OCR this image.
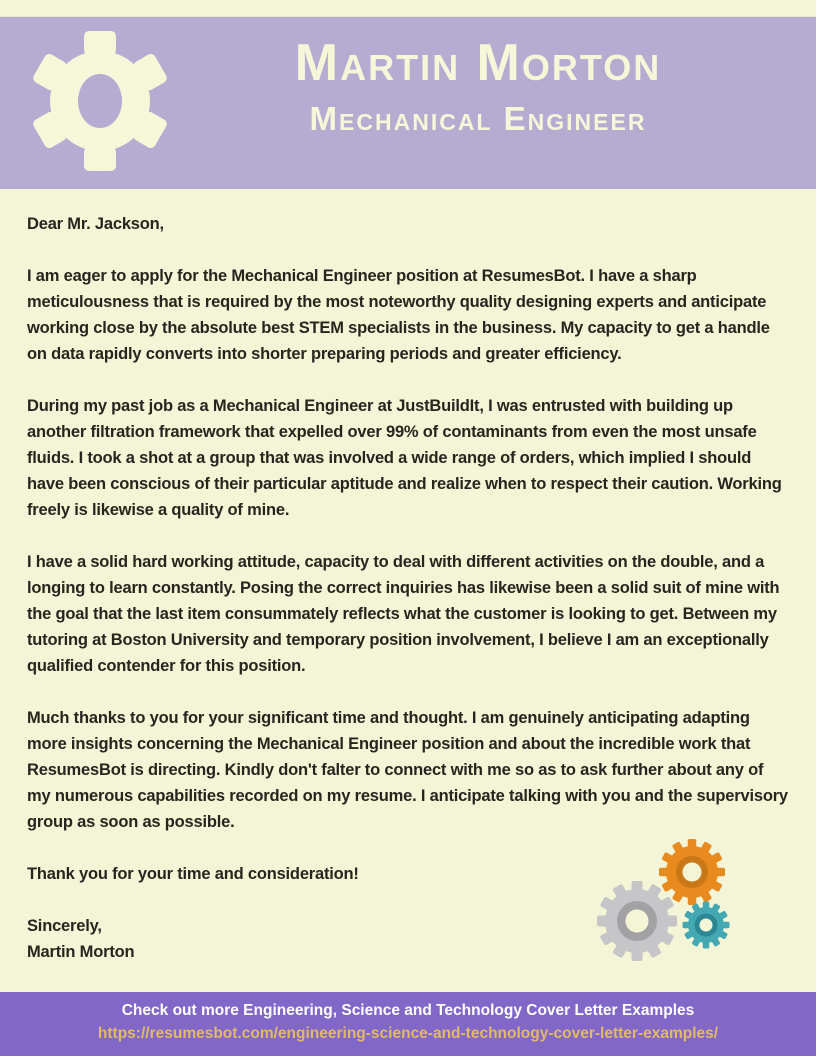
Martin Morton
Mechanical Engineer

Dear Mr. Jackson,

I am eager to apply for the Mechanical Engineer position at ResumesBot. I have a sharp meticulousness that is required by the most noteworthy quality designing experts and anticipate working close by the absolute best STEM specialists in the business. My capacity to get a handle on data rapidly converts into shorter preparing periods and greater efficiency.

During my past job as a Mechanical Engineer at JustBuildIt, I was entrusted with building up another filtration framework that expelled over 99% of contaminants from even the most unsafe fluids. I took a shot at a group that was involved a wide range of orders, which implied I should have been conscious of their particular aptitude and realize when to respect their caution. Working freely is likewise a quality of mine.

I have a solid hard working attitude, capacity to deal with different activities on the double, and a longing to learn constantly. Posing the correct inquiries has likewise been a solid suit of mine with the goal that the last item consummately reflects what the customer is looking to get. Between my tutoring at Boston University and temporary position involvement, I believe I am an exceptionally qualified contender for this position.

Much thanks to you for your significant time and thought. I am genuinely anticipating adapting more insights concerning the Mechanical Engineer position and about the incredible work that ResumesBot is directing. Kindly don't falter to connect with me so as to ask further about any of my numerous capabilities recorded on my resume. I anticipate talking with you and the supervisory group as soon as possible.

Thank you for your time and consideration!

Sincerely,

Martin Morton

Check out more Engineering, Science and Technology Cover Letter Examples
https://resumesbot.com/engineering-science-and-technology-cover-letter-examples/
